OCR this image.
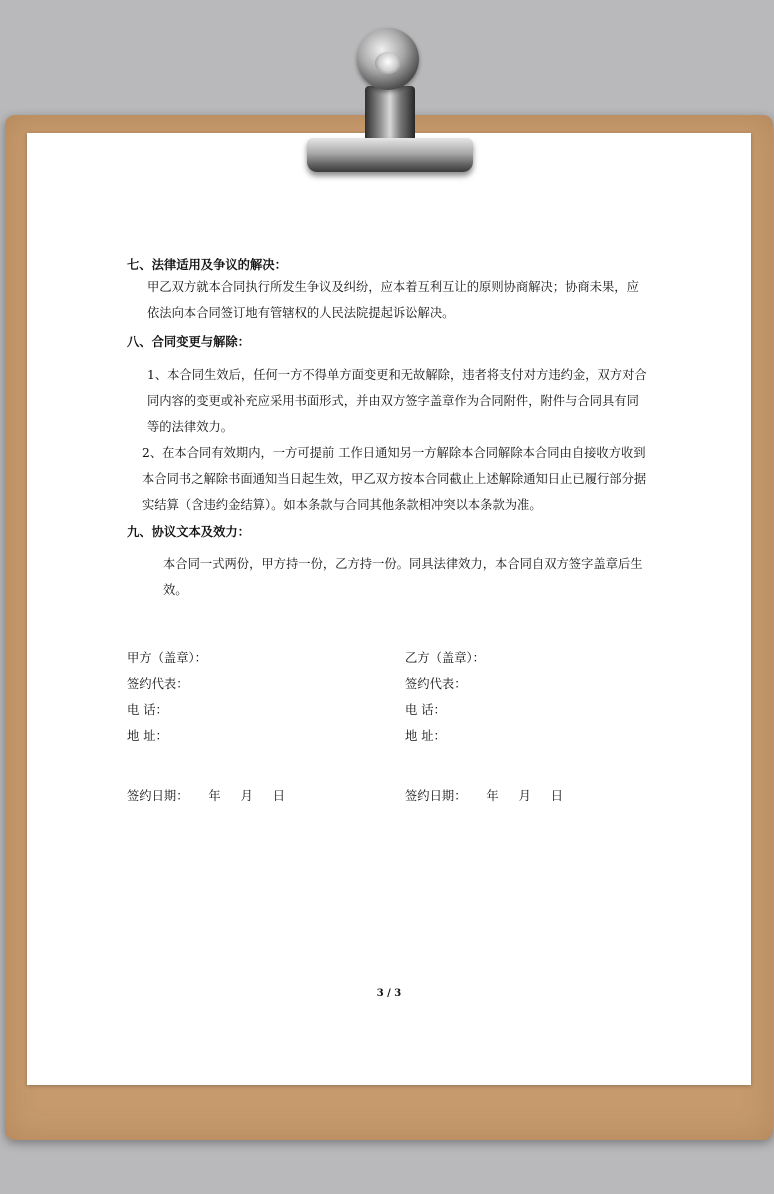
七、法律适用及争议的解决：

甲乙双方就本合同执行所发生争议及纠纷，应本着互利互让的原则协商解决；协商未果，应依法向本合同签订地有管辖权的人民法院提起诉讼解决。

八、合同变更与解除：

1、本合同生效后，任何一方不得单方面变更和无故解除，违者将支付对方违约金，双方对合同内容的变更或补充应采用书面形式，并由双方签字盖章作为合同附件，附件与合同具有同等的法律效力。

2、在本合同有效期内，一方可提前 工作日通知另一方解除本合同解除本合同由自接收方收到本合同书之解除书面通知当日起生效，甲乙双方按本合同截止上述解除通知日止已履行部分据实结算（含违约金结算）。如本条款与合同其他条款相冲突以本条款为准。

九、协议文本及效力：

本合同一式两份，甲方持一份，乙方持一份。同具法律效力，本合同自双方签字盖章后生效。

甲方（盖章）：

签约代表：

电 话：

地 址：

签约日期： 年 月 日

乙方（盖章）：

签约代表：

电 话：

地 址：

签约日期： 年 月 日

3 / 3
